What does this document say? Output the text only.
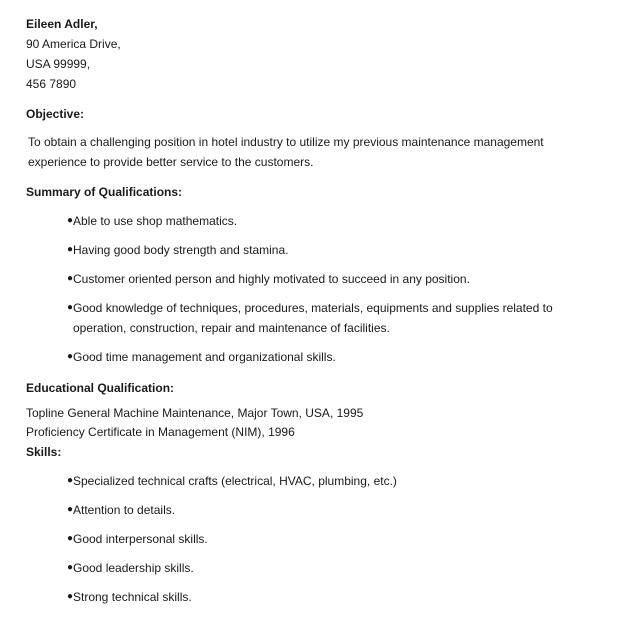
Eileen Adler,
90 America Drive,
USA 99999,
456 7890
Objective:
To obtain a challenging position in hotel industry to utilize my previous maintenance management experience to provide better service to the customers.
Summary of Qualifications:
● Able to use shop mathematics.
● Having good body strength and stamina.
● Customer oriented person and highly motivated to succeed in any position.
● Good knowledge of techniques, procedures, materials, equipments and supplies related to operation, construction, repair and maintenance of facilities.
● Good time management and organizational skills.
Educational Qualification:
Topline General Machine Maintenance, Major Town, USA, 1995
Proficiency Certificate in Management (NIM), 1996
Skills:
● Specialized technical crafts (electrical, HVAC, plumbing, etc.)
● Attention to details.
● Good interpersonal skills.
● Good leadership skills.
● Strong technical skills.
